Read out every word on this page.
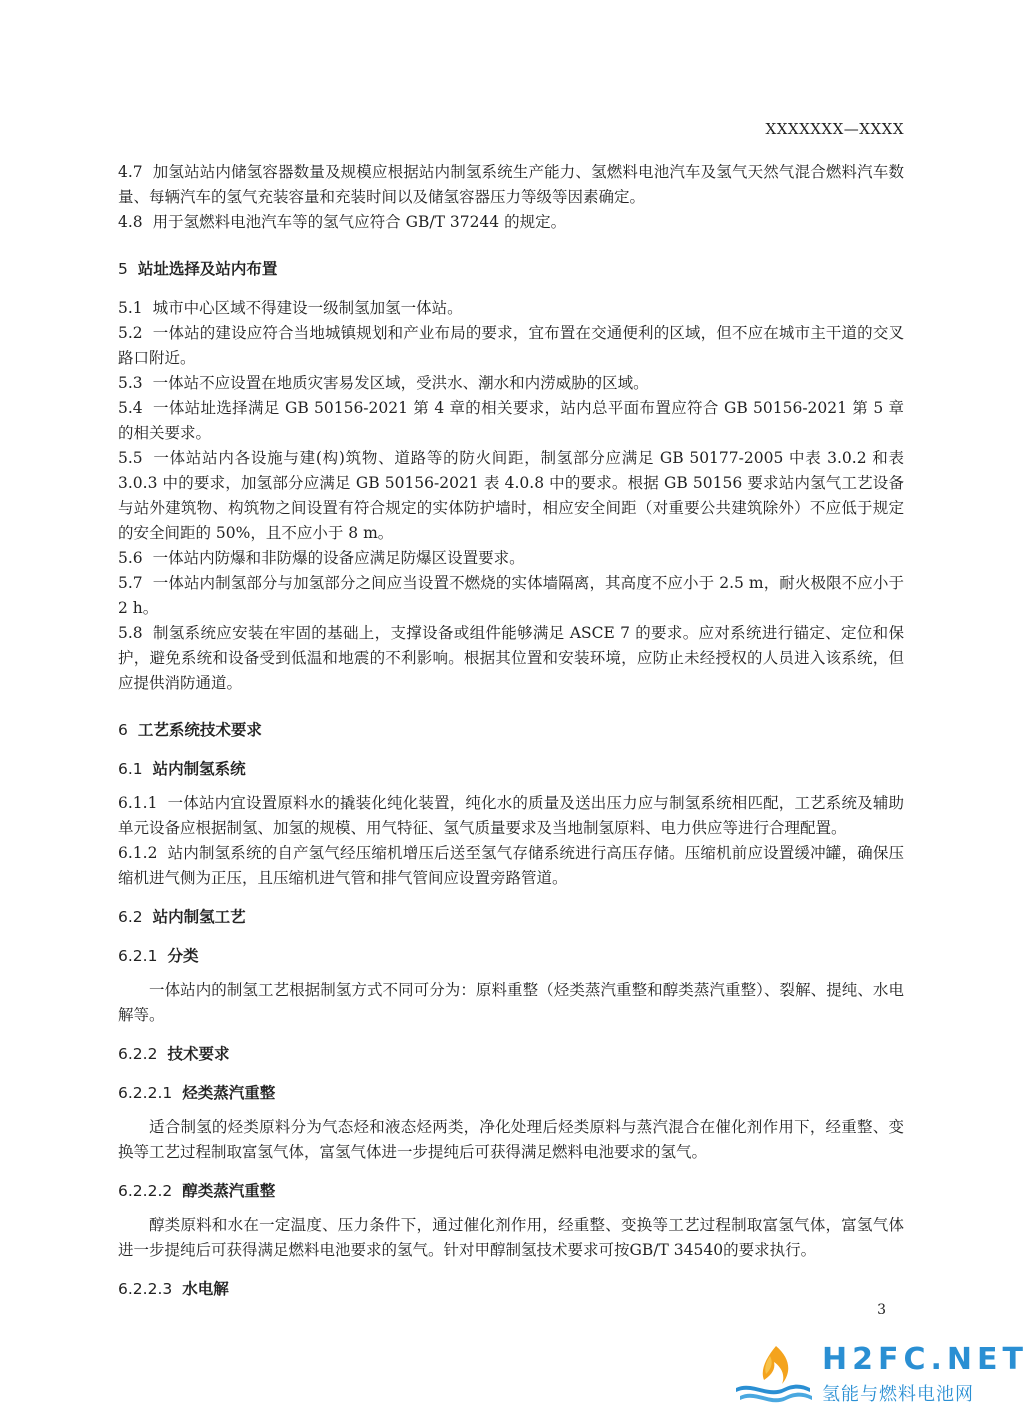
XXXXXXX—XXXX

4.7 加氢站站内储氢容器数量及规模应根据站内制氢系统生产能力、氢燃料电池汽车及氢气天然气混合燃料汽车数量、每辆汽车的氢气充装容量和充装时间以及储氢容器压力等级等因素确定。

4.8 用于氢燃料电池汽车等的氢气应符合 GB/T 37244 的规定。

5 站址选择及站内布置

5.1 城市中心区域不得建设一级制氢加氢一体站。

5.2 一体站的建设应符合当地城镇规划和产业布局的要求，宜布置在交通便利的区域，但不应在城市主干道的交叉路口附近。

5.3 一体站不应设置在地质灾害易发区域，受洪水、潮水和内涝威胁的区域。

5.4 一体站址选择满足 GB 50156-2021 第 4 章的相关要求，站内总平面布置应符合 GB 50156-2021 第 5 章的相关要求。

5.5 一体站站内各设施与建(构)筑物、道路等的防火间距，制氢部分应满足 GB 50177-2005 中表 3.0.2 和表 3.0.3 中的要求，加氢部分应满足 GB 50156-2021 表 4.0.8 中的要求。根据 GB 50156 要求站内氢气工艺设备与站外建筑物、构筑物之间设置有符合规定的实体防护墙时，相应安全间距（对重要公共建筑除外）不应低于规定的安全间距的 50%，且不应小于 8 m。

5.6 一体站内防爆和非防爆的设备应满足防爆区设置要求。

5.7 一体站内制氢部分与加氢部分之间应当设置不燃烧的实体墙隔离，其高度不应小于 2.5 m，耐火极限不应小于 2 h。

5.8 制氢系统应安装在牢固的基础上，支撑设备或组件能够满足 ASCE 7 的要求。应对系统进行锚定、定位和保护，避免系统和设备受到低温和地震的不利影响。根据其位置和安装环境，应防止未经授权的人员进入该系统，但应提供消防通道。

6 工艺系统技术要求

6.1 站内制氢系统

6.1.1 一体站内宜设置原料水的撬装化纯化装置，纯化水的质量及送出压力应与制氢系统相匹配，工艺系统及辅助单元设备应根据制氢、加氢的规模、用气特征、氢气质量要求及当地制氢原料、电力供应等进行合理配置。

6.1.2 站内制氢系统的自产氢气经压缩机增压后送至氢气存储系统进行高压存储。压缩机前应设置缓冲罐，确保压缩机进气侧为正压，且压缩机进气管和排气管间应设置旁路管道。

6.2 站内制氢工艺

6.2.1 分类

一体站内的制氢工艺根据制氢方式不同可分为：原料重整（烃类蒸汽重整和醇类蒸汽重整）、裂解、提纯、水电解等。

6.2.2 技术要求

6.2.2.1 烃类蒸汽重整

适合制氢的烃类原料分为气态烃和液态烃两类，净化处理后烃类原料与蒸汽混合在催化剂作用下，经重整、变换等工艺过程制取富氢气体，富氢气体进一步提纯后可获得满足燃料电池要求的氢气。

6.2.2.2 醇类蒸汽重整

醇类原料和水在一定温度、压力条件下，通过催化剂作用，经重整、变换等工艺过程制取富氢气体，富氢气体进一步提纯后可获得满足燃料电池要求的氢气。针对甲醇制氢技术要求可按GB/T 34540的要求执行。

6.2.2.3 水电解

3
H2FC.NET
氢能与燃料电池网
